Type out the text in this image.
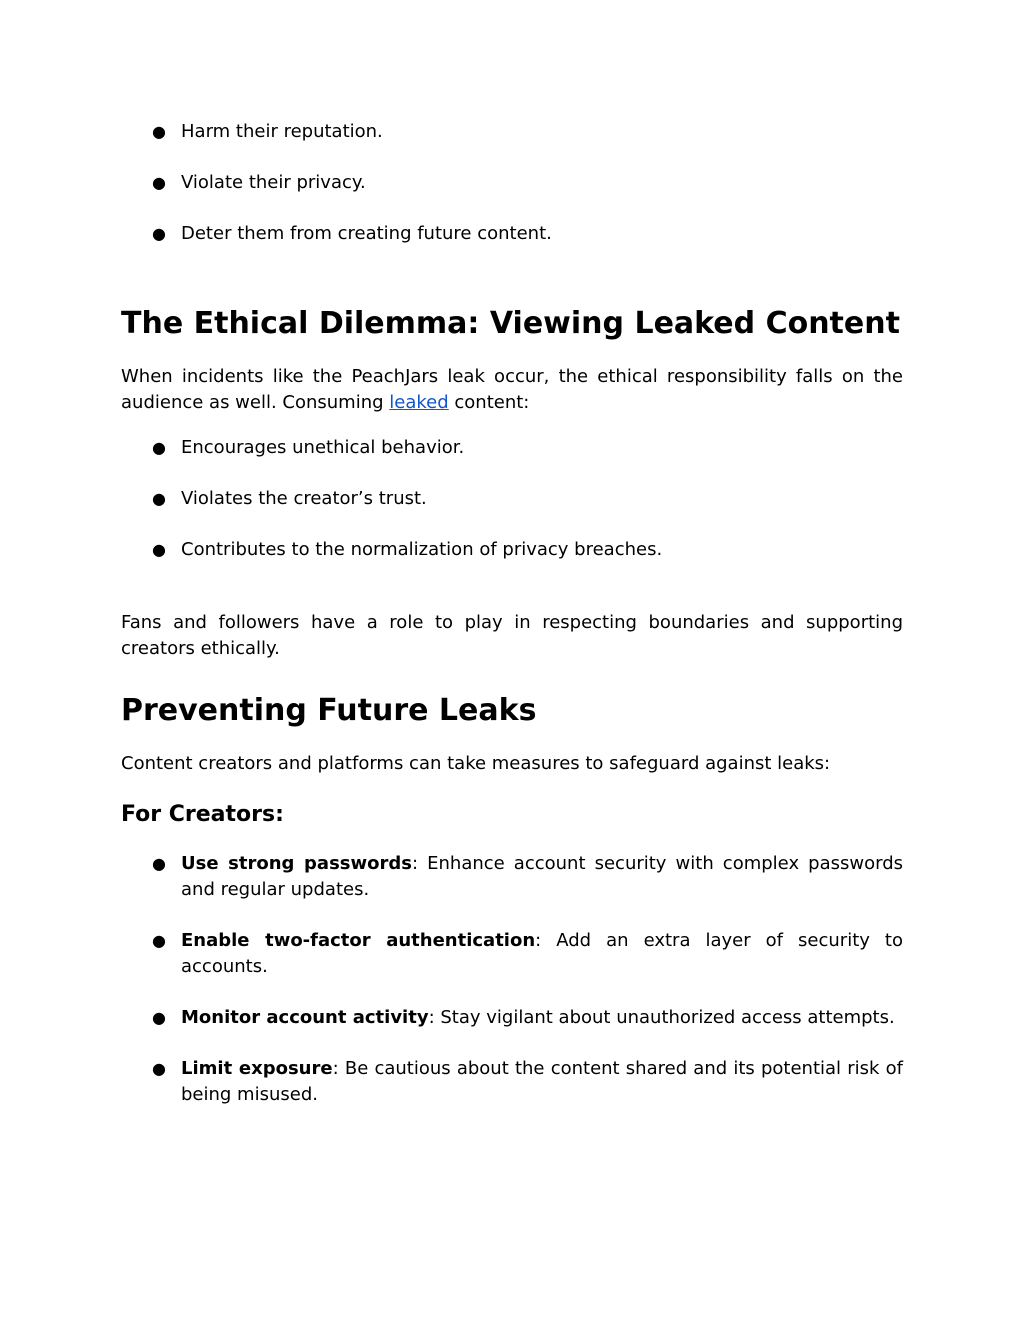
● Harm their reputation.
● Violate their privacy.
● Deter them from creating future content.
The Ethical Dilemma: Viewing Leaked Content

When incidents like the PeachJars leak occur, the ethical responsibility falls on the audience as well. Consuming leaked content:

● Encourages unethical behavior.
● Violates the creator’s trust.
● Contributes to the normalization of privacy breaches.

Fans and followers have a role to play in respecting boundaries and supporting creators ethically.

Preventing Future Leaks

Content creators and platforms can take measures to safeguard against leaks:

For Creators:
● Use strong passwords: Enhance account security with complex passwords and regular updates.
● Enable two-factor authentication: Add an extra layer of security to accounts.
● Monitor account activity: Stay vigilant about unauthorized access attempts.
● Limit exposure: Be cautious about the content shared and its potential risk of being misused.
